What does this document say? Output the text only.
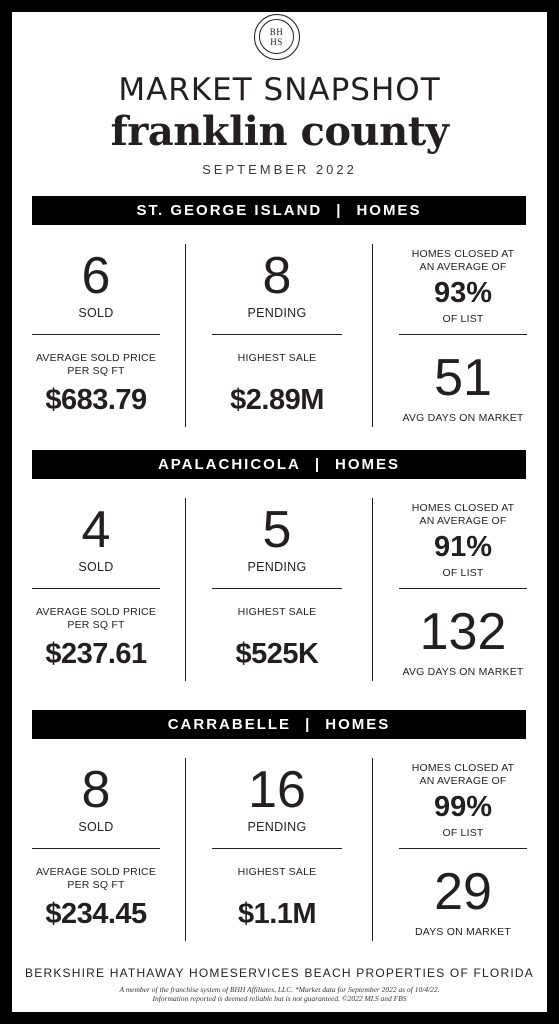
BH
HS
MARKET SNAPSHOT
franklin county
SEPTEMBER 2022
ST. GEORGE ISLAND | HOMES
6
SOLD
8
PENDING
HOMES CLOSED AT
AN AVERAGE OF
93%
OF LIST
AVERAGE SOLD PRICE
PER SQ FT
$683.79
HIGHEST SALE
$2.89M	51
AVG DAYS ON MARKET
APALACHICOLA | HOMES
4
SOLD
5
PENDING
HOMES CLOSED AT
AN AVERAGE OF
91%
OF LIST
AVERAGE SOLD PRICE
PER SQ FT
$237.61
HIGHEST SALE
$525K	132
AVG DAYS ON MARKET
CARRABELLE | HOMES
8
SOLD
16
PENDING
HOMES CLOSED AT
AN AVERAGE OF
99%
OF LIST
AVERAGE SOLD PRICE
PER SQ FT
$234.45
HIGHEST SALE
$1.1M	29
DAYS ON MARKET
BERKSHIRE HATHAWAY HOMESERVICES BEACH PROPERTIES OF FLORIDA
A member of the franchise system of BHH Affiliates, LLC. *Market data for September 2022 as of 10/4/22.
Information reported is deemed reliable but is not guaranteed. ©2022 MLS and FBS
